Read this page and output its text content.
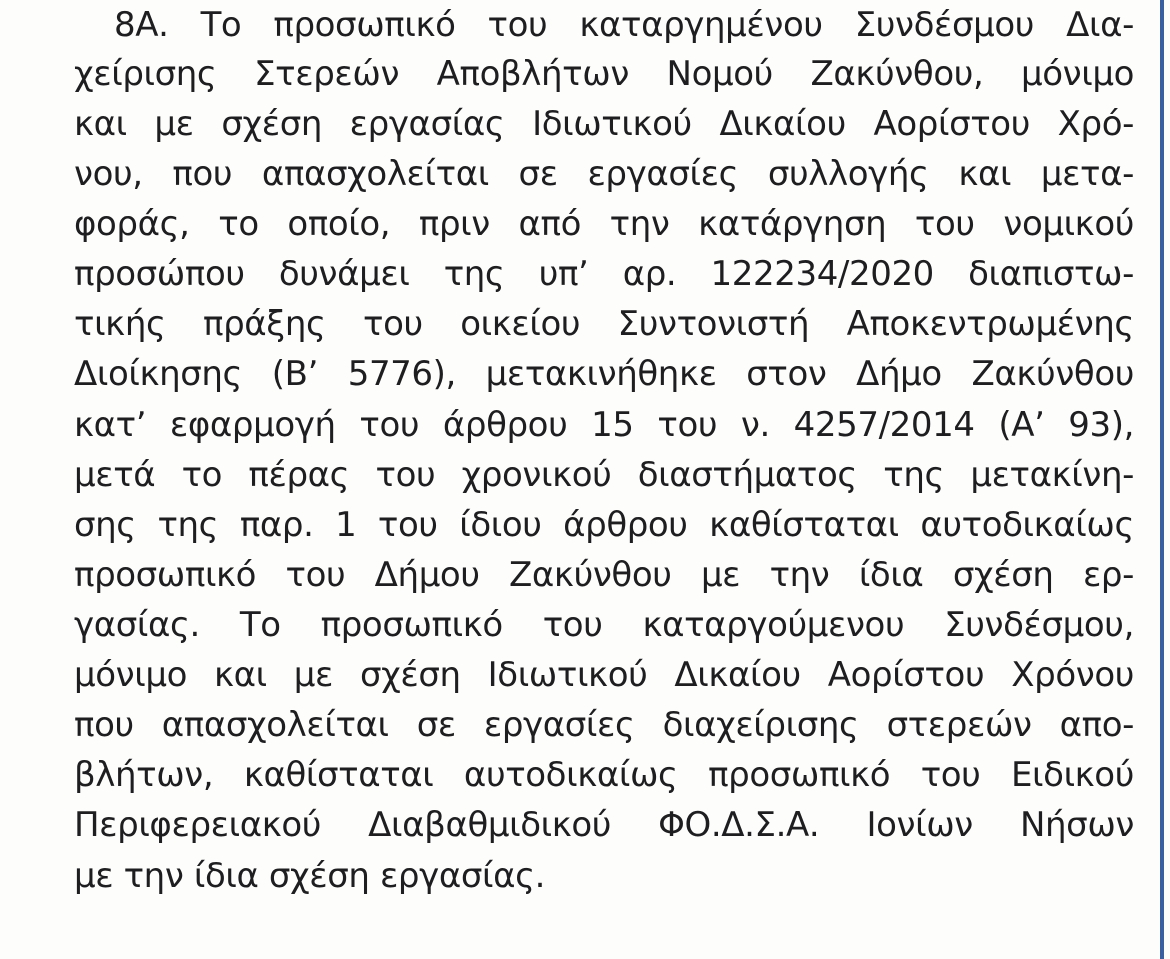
8Α. Το προσωπικό του καταργημένου Συνδέσμου Δια-
χείρισης Στερεών Αποβλήτων Νομού Ζακύνθου, μόνιμο
και με σχέση εργασίας Ιδιωτικού Δικαίου Αορίστου Χρό-
νου, που απασχολείται σε εργασίες συλλογής και μετα-
φοράς, το οποίο, πριν από την κατάργηση του νομικού
προσώπου δυνάμει της υπ’ αρ. 122234/2020 διαπιστω-
τικής πράξης του οικείου Συντονιστή Αποκεντρωμένης
Διοίκησης (Β’ 5776), μετακινήθηκε στον Δήμο Ζακύνθου
κατ’ εφαρμογή του άρθρου 15 του ν. 4257/2014 (Α’ 93),
μετά το πέρας του χρονικού διαστήματος της μετακίνη-
σης της παρ. 1 του ίδιου άρθρου καθίσταται αυτοδικαίως
προσωπικό του Δήμου Ζακύνθου με την ίδια σχέση ερ-
γασίας. Το προσωπικό του καταργούμενου Συνδέσμου,
μόνιμο και με σχέση Ιδιωτικού Δικαίου Αορίστου Χρόνου
που απασχολείται σε εργασίες διαχείρισης στερεών απο-
βλήτων, καθίσταται αυτοδικαίως προσωπικό του Ειδικού
Περιφερειακού Διαβαθμιδικού ΦΟ.Δ.Σ.Α. Ιονίων Νήσων
με την ίδια σχέση εργασίας.
